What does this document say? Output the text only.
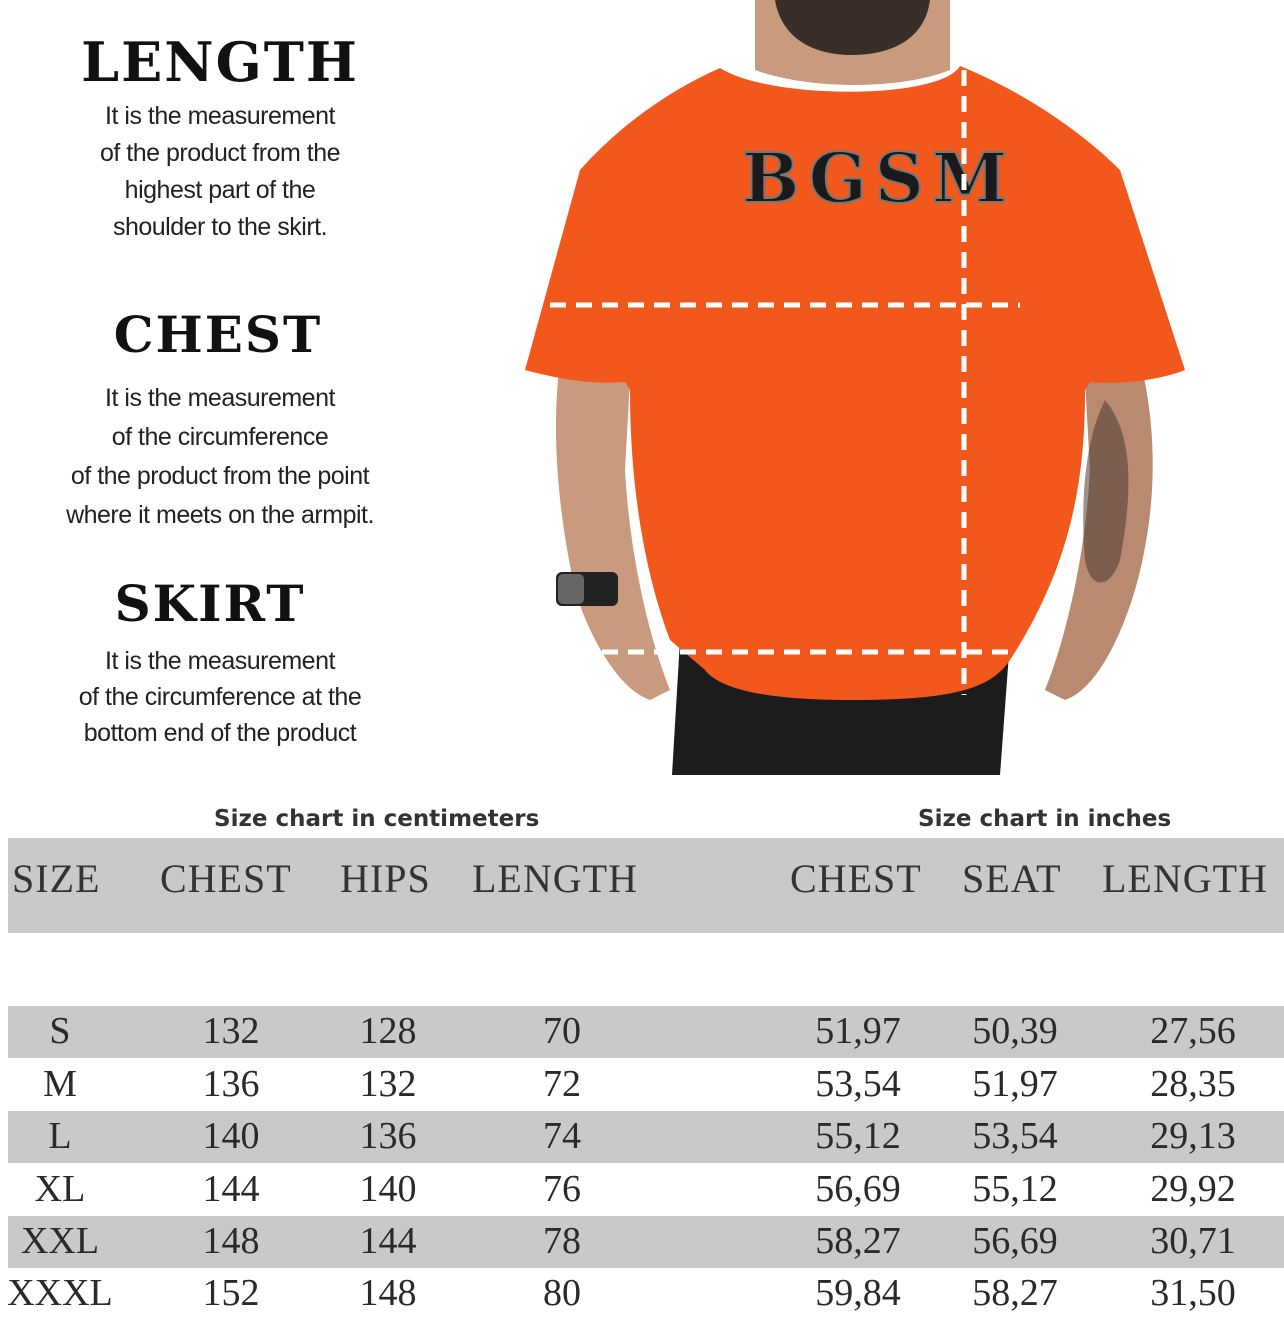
LENGTH
It is the measurement
of the product from the
highest part of the
shoulder to the skirt.
CHEST
It is the measurement
of the circumference
of the product from the point
where it meets on the armpit.
SKIRT
It is the measurement
of the circumference at the
bottom end of the product
BGSM
Size chart in centimeters	Size chart in inches
SIZE CHEST HIPS LENGTH	CHEST SEAT LENGTH
S	132	128	70	51,97	50,39	27,56
M	136	132	72	53,54	51,97	28,35
L	140	136	74	55,12	53,54	29,13
XL	144	140	76	56,69	55,12	29,92
XXL	148	144	78	58,27	56,69	30,71
XXXL	152	148	80	59,84	58,27	31,50
